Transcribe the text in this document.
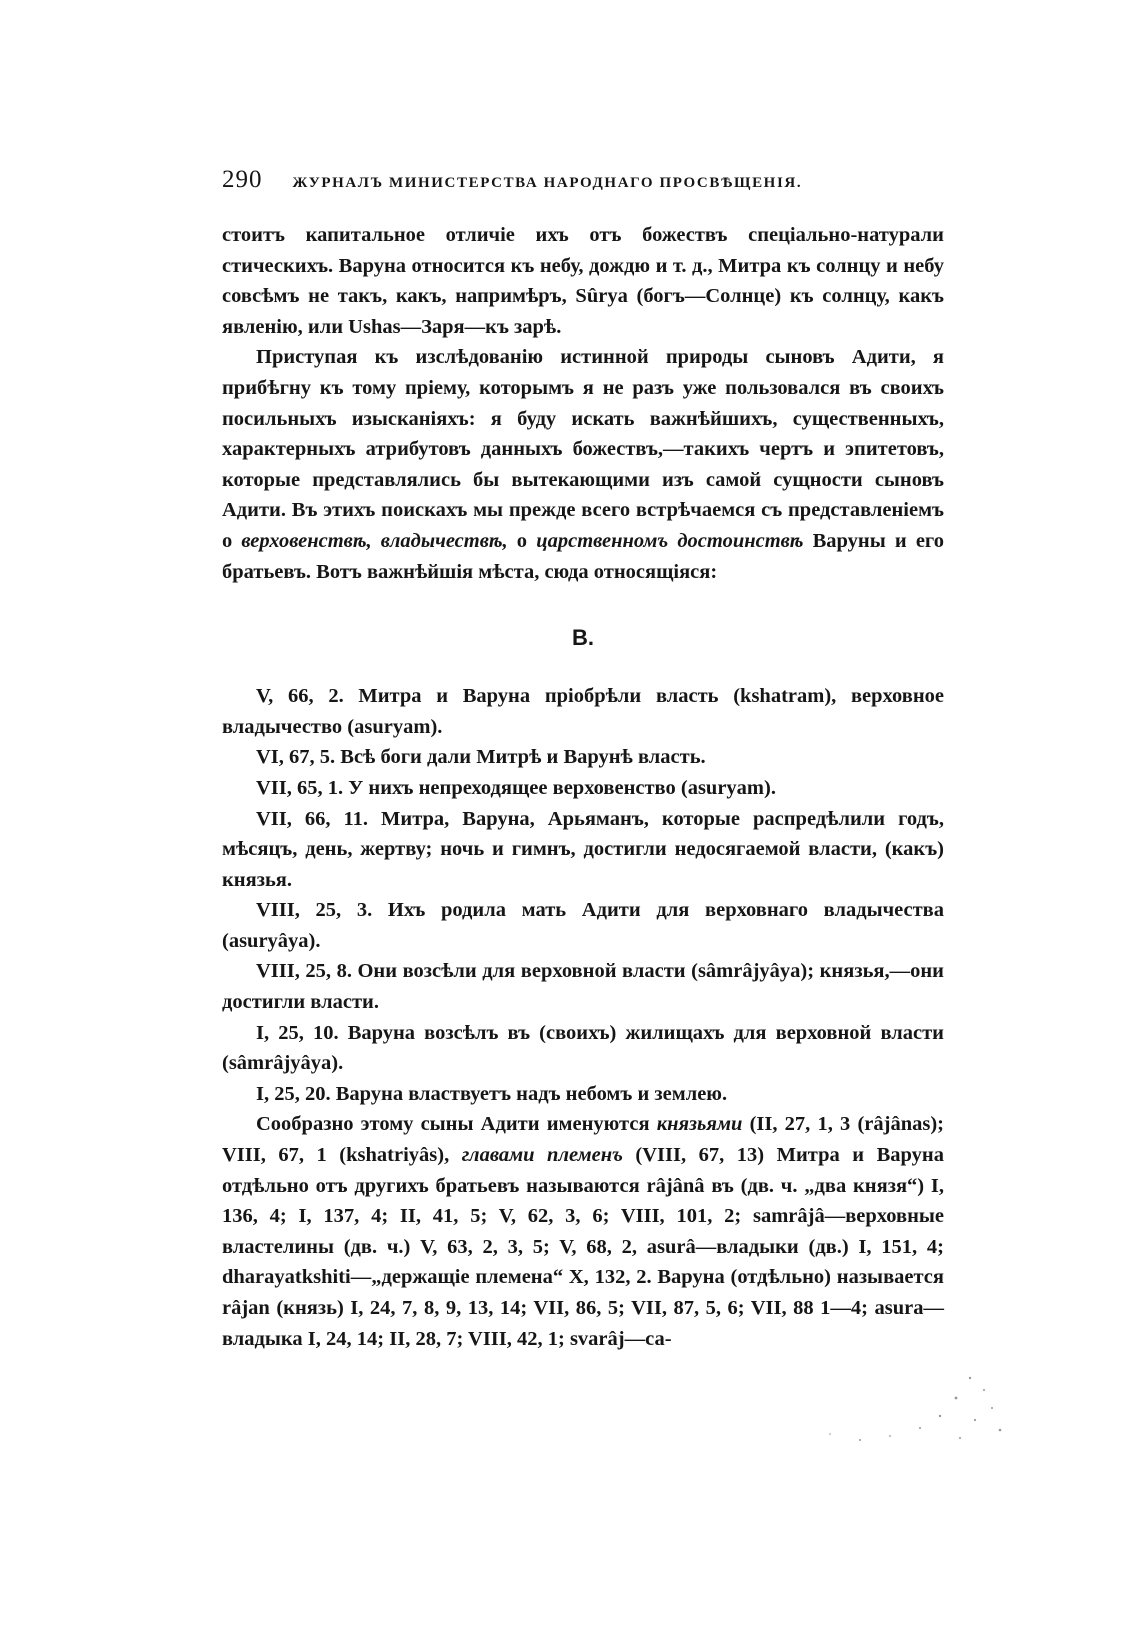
290 ЖУРНАЛЪ МИНИСТЕРСТВА НАРОДНАГО ПРОСВѢЩЕНІЯ.

стоитъ капитальное отличіе ихъ отъ божествъ спеціально-натурали стическихъ. Варуна относится къ небу, дождю и т. д., Митра къ солнцу и небу совсѣмъ не такъ, какъ, напримѣръ, Sûrya (богъ—Солнце) къ солнцу, какъ явленію, или Ushas—Заря—къ зарѣ.

Приступая къ изслѣдованію истинной природы сыновъ Адити, я прибѣгну къ тому пріему, которымъ я не разъ уже пользовался въ своихъ посильныхъ изысканіяхъ: я буду искать важнѣйшихъ, существенныхъ, характерныхъ атрибутовъ данныхъ божествъ,—такихъ чертъ и эпитетовъ, которые представлялись бы вытекающими изъ самой сущности сыновъ Адити. Въ этихъ поискахъ мы прежде всего встрѣчаемся съ представленіемъ о верховенствѣ, владычествѣ, о царственномъ достоинствѣ Варуны и его братьевъ. Вотъ важнѣйшія мѣста, сюда относящіяся:

B.

V, 66, 2. Митра и Варуна пріобрѣли власть (kshatram), верховное владычество (asuryam).

VI, 67, 5. Всѣ боги дали Митрѣ и Варунѣ власть.

VII, 65, 1. У нихъ непреходящее верховенство (asuryam).

VII, 66, 11. Митра, Варуна, Арьяманъ, которые распредѣлили годъ, мѣсяцъ, день, жертву; ночь и гимнъ, достигли недосягаемой власти, (какъ) князья.

VIII, 25, 3. Ихъ родила мать Адити для верховнаго владычества (asuryâya).

VIII, 25, 8. Они возсѣли для верховной власти (sâmrâjyâya); князья,—они достигли власти.

I, 25, 10. Варуна возсѣлъ въ (своихъ) жилищахъ для верховной власти (sâmrâjyâya).

I, 25, 20. Варуна властвуетъ надъ небомъ и землею.

Сообразно этому сыны Адити именуются князьями (II, 27, 1, 3 (râjânas); VIII, 67, 1 (kshatriyâs), главами племенъ (VIII, 67, 13) Митра и Варуна отдѣльно отъ другихъ братьевъ называются râjânâ въ (дв. ч. „два князя“) I, 136, 4; I, 137, 4; II, 41, 5; V, 62, 3, 6; VIII, 101, 2; samrâjâ—верховные властелины (дв. ч.) V, 63, 2, 3, 5; V, 68, 2, asurâ—владыки (дв.) I, 151, 4; dharayatkshiti—„держащіе племена“ X, 132, 2. Варуна (отдѣльно) называется râjan (князь) I, 24, 7, 8, 9, 13, 14; VII, 86, 5; VII, 87, 5, 6; VII, 88 1—4; asura—владыка I, 24, 14; II, 28, 7; VIII, 42, 1; svarâj—са-
